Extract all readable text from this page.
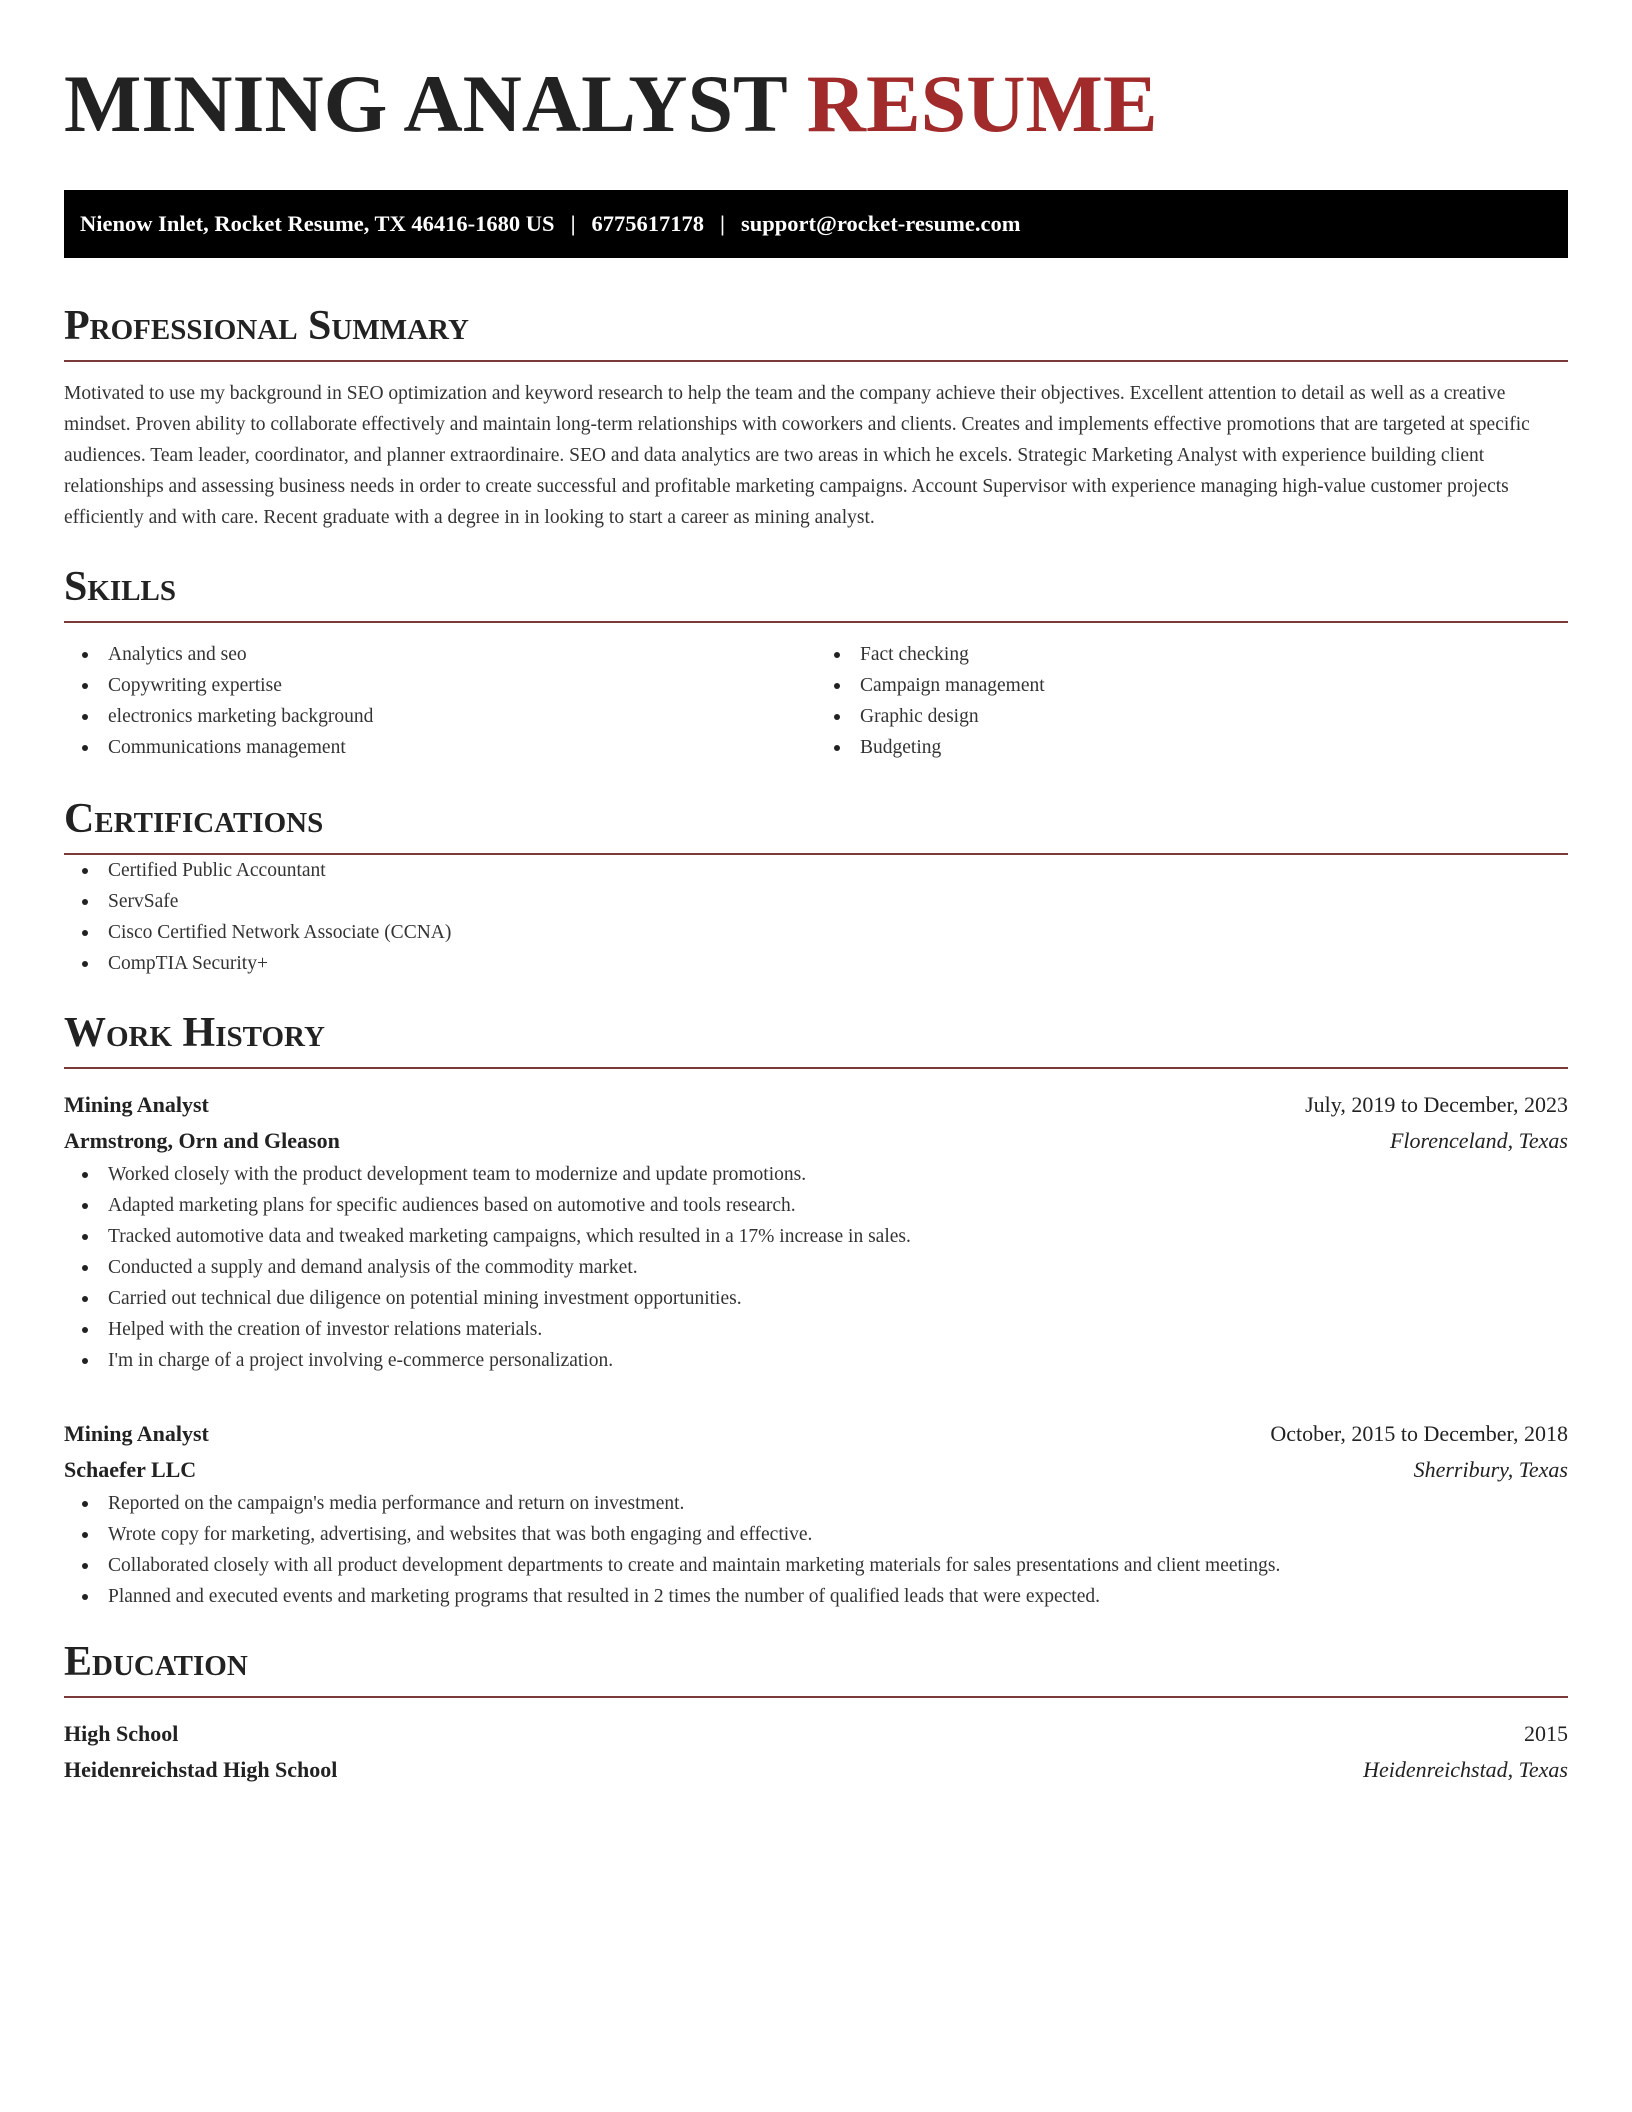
MINING ANALYST RESUME
Nienow Inlet, Rocket Resume, TX 46416-1680 US | 6775617178 | support@rocket-resume.com
Professional Summary

Motivated to use my background in SEO optimization and keyword research to help the team and the company achieve their objectives. Excellent attention to detail as well as a creative mindset. Proven ability to collaborate effectively and maintain long-term relationships with coworkers and clients. Creates and implements effective promotions that are targeted at specific audiences. Team leader, coordinator, and planner extraordinaire. SEO and data analytics are two areas in which he excels. Strategic Marketing Analyst with experience building client relationships and assessing business needs in order to create successful and profitable marketing campaigns. Account Supervisor with experience managing high-value customer projects efficiently and with care. Recent graduate with a degree in in looking to start a career as mining analyst.

Skills
Analytics and seo
Copywriting expertise
electronics marketing background
Communications management
Fact checking
Campaign management
Graphic design
Budgeting
Certifications
Certified Public Accountant
ServSafe
Cisco Certified Network Associate (CCNA)
CompTIA Security+
Work History
Mining Analyst	July, 2019 to December, 2023
Armstrong, Orn and Gleason	Florenceland, Texas
Worked closely with the product development team to modernize and update promotions.
Adapted marketing plans for specific audiences based on automotive and tools research.
Tracked automotive data and tweaked marketing campaigns, which resulted in a 17% increase in sales.
Conducted a supply and demand analysis of the commodity market.
Carried out technical due diligence on potential mining investment opportunities.
Helped with the creation of investor relations materials.
I'm in charge of a project involving e-commerce personalization.
Mining Analyst	October, 2015 to December, 2018
Schaefer LLC	Sherribury, Texas
Reported on the campaign's media performance and return on investment.
Wrote copy for marketing, advertising, and websites that was both engaging and effective.
Collaborated closely with all product development departments to create and maintain marketing materials for sales presentations and client meetings.
Planned and executed events and marketing programs that resulted in 2 times the number of qualified leads that were expected.
Education
High School	2015
Heidenreichstad High School	Heidenreichstad, Texas
